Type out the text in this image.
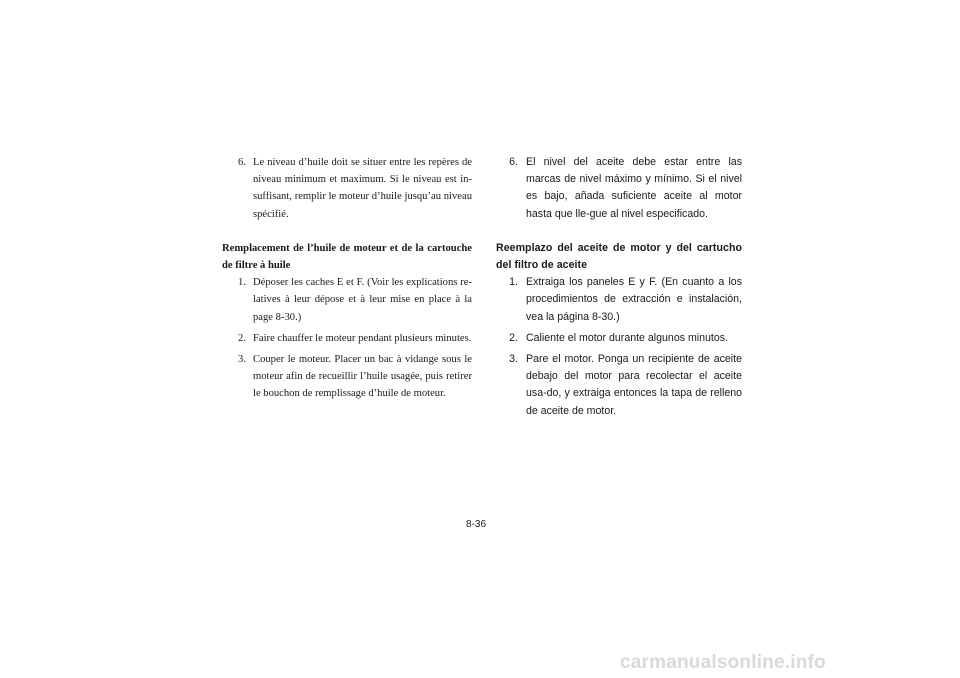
6. Le niveau d’huile doit se situer entre les repères de niveau minimum et maximum. Si le niveau est in-suffisant, remplir le moteur d’huile jusqu’au niveau spécifié.

Remplacement de l’huile de moteur et de la cartouche de filtre à huile

1. Déposer les caches E et F. (Voir les explications re-latives à leur dépose et à leur mise en place à la page 8-30.)
2. Faire chauffer le moteur pendant plusieurs minutes.
3. Couper le moteur. Placer un bac à vidange sous le moteur afin de recueillir l’huile usagée, puis retirer le bouchon de remplissage d’huile de moteur.
6. El nivel del aceite debe estar entre las marcas de nivel máximo y mínimo. Si el nivel es bajo, añada suficiente aceite al motor hasta que lle-gue al nivel especificado.

Reemplazo del aceite de motor y del cartucho del filtro de aceite

1. Extraiga los paneles E y F. (En cuanto a los procedimientos de extracción e instalación, vea la página 8-30.)
2. Caliente el motor durante algunos minutos.
3. Pare el motor. Ponga un recipiente de aceite debajo del motor para recolectar el aceite usa-do, y extraiga entonces la tapa de relleno de aceite de motor.
8-36
carmanualsonline.info
